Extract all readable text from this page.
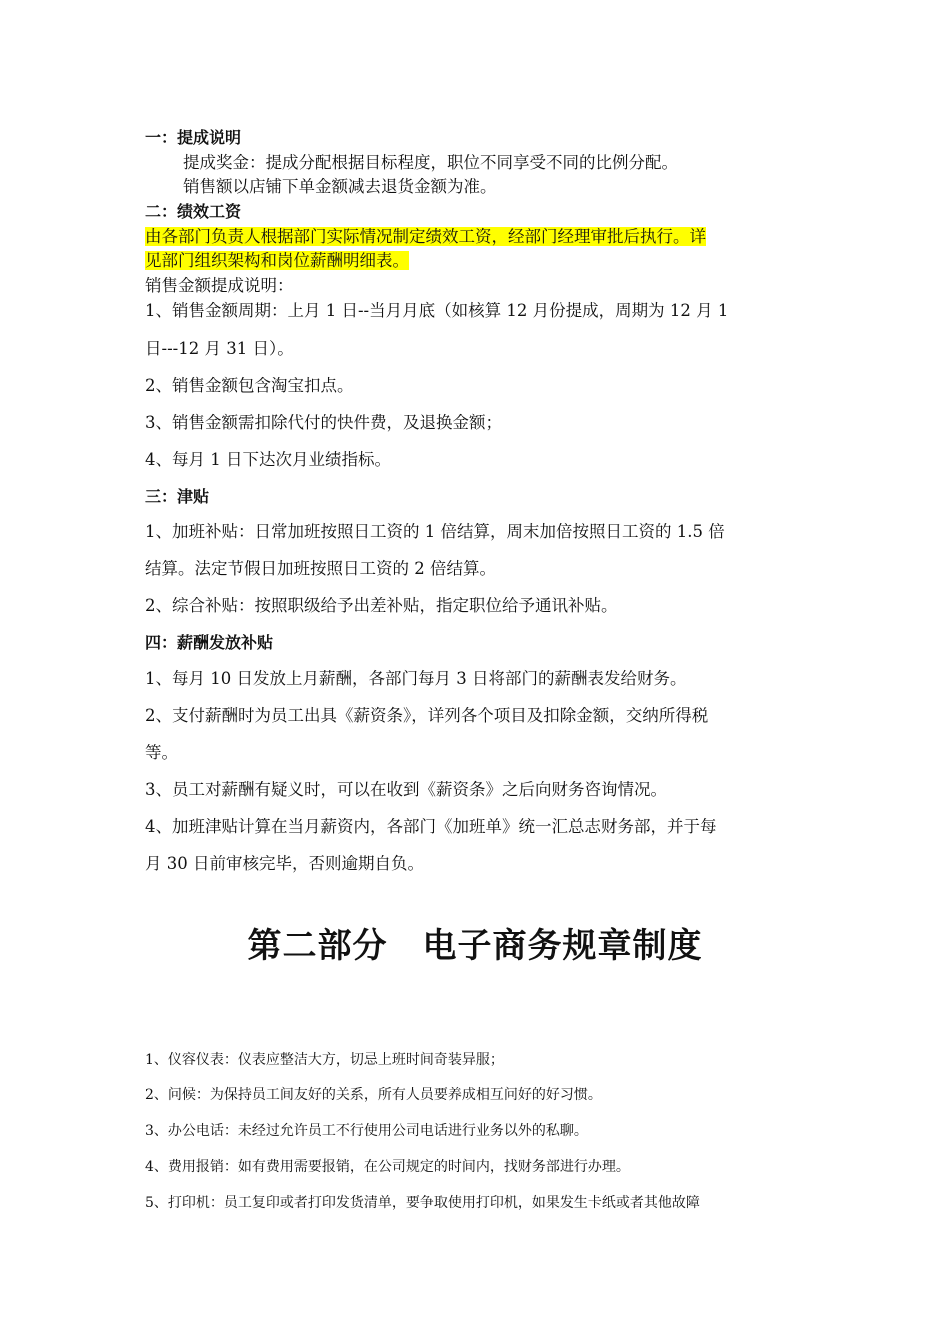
一：提成说明
提成奖金：提成分配根据目标程度，职位不同享受不同的比例分配。
销售额以店铺下单金额减去退货金额为准。
二：绩效工资
由各部门负责人根据部门实际情况制定绩效工资，经部门经理审批后执行。详
见部门组织架构和岗位薪酬明细表。
销售金额提成说明：
1、销售金额周期：上月 1 日--当月月底（如核算 12 月份提成，周期为 12 月 1
日---12 月 31 日）。
2、销售金额包含淘宝扣点。
3、销售金额需扣除代付的快件费，及退换金额；
4、每月 1 日下达次月业绩指标。
三：津贴
1、加班补贴：日常加班按照日工资的 1 倍结算，周末加倍按照日工资的 1.5 倍
结算。法定节假日加班按照日工资的 2 倍结算。
2、综合补贴：按照职级给予出差补贴，指定职位给予通讯补贴。
四：薪酬发放补贴
1、每月 10 日发放上月薪酬，各部门每月 3 日将部门的薪酬表发给财务。
2、支付薪酬时为员工出具《薪资条》，详列各个项目及扣除金额，交纳所得税
等。
3、员工对薪酬有疑义时，可以在收到《薪资条》之后向财务咨询情况。
4、加班津贴计算在当月薪资内，各部门《加班单》统一汇总志财务部，并于每
月 30 日前审核完毕，否则逾期自负。
第二部分　电子商务规章制度
1、仪容仪表：仪表应整洁大方，切忌上班时间奇装异服；
2、问候：为保持员工间友好的关系，所有人员要养成相互问好的好习惯。
3、办公电话：未经过允许员工不行使用公司电话进行业务以外的私聊。
4、费用报销：如有费用需要报销，在公司规定的时间内，找财务部进行办理。
5、打印机：员工复印或者打印发货清单，要争取使用打印机，如果发生卡纸或者其他故障
